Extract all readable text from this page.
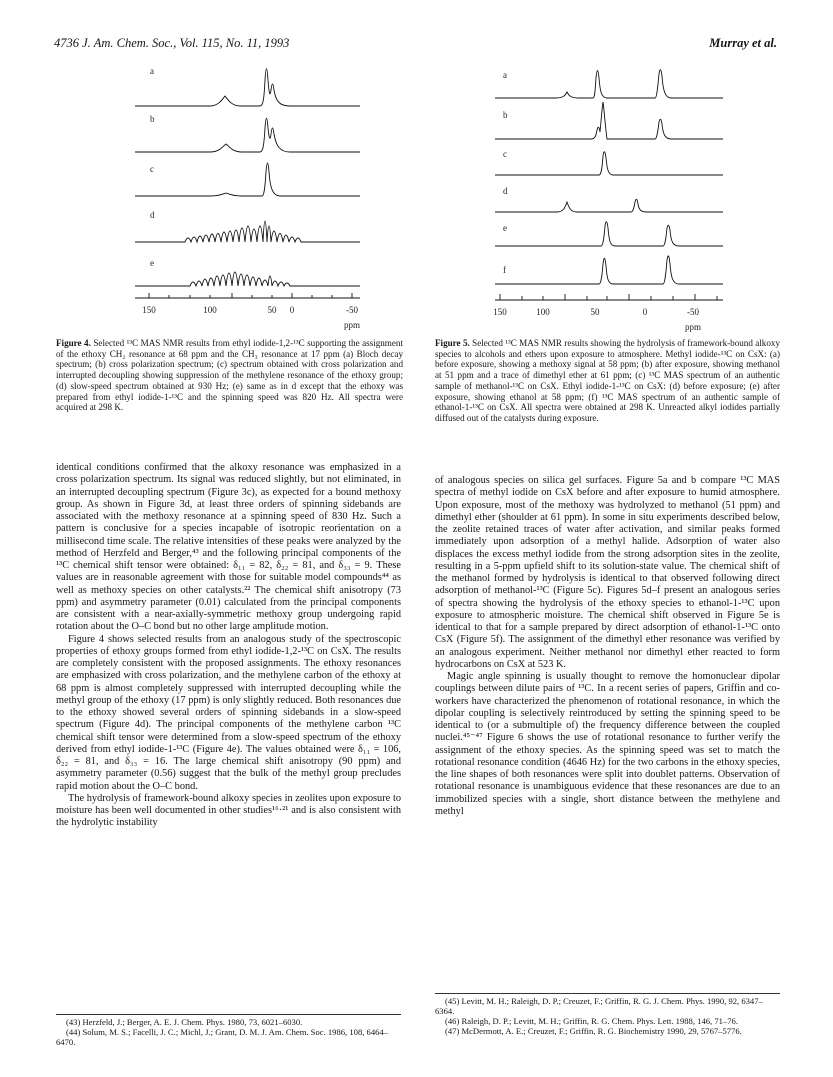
4736 J. Am. Chem. Soc., Vol. 115, No. 11, 1993	Murray et al.
a
b
c
d
e
150	100	50 0	-50
ppm
Figure 4. Selected ¹³C MAS NMR results from ethyl iodide-1,2-¹³C supporting the assignment of the ethoxy CH₂ resonance at 68 ppm and the CH₃ resonance at 17 ppm (a) Bloch decay spectrum; (b) cross polarization spectrum; (c) spectrum obtained with cross polarization and interrupted decoupling showing suppression of the methylene resonance of the ethoxy group; (d) slow-speed spectrum obtained at 930 Hz; (e) same as in d except that the ethoxy was prepared from ethyl iodide-1-¹³C and the spinning speed was 820 Hz. All spectra were acquired at 298 K.
a
b
c
d
e
f
150	100	50	0	-50
ppm
Figure 5. Selected ¹³C MAS NMR results showing the hydrolysis of framework-bound alkoxy species to alcohols and ethers upon exposure to atmosphere. Methyl iodide-¹³C on CsX: (a) before exposure, showing a methoxy signal at 58 ppm; (b) after exposure, showing methanol at 51 ppm and a trace of dimethyl ether at 61 ppm; (c) ¹³C MAS spectrum of an authentic sample of methanol-¹³C on CsX. Ethyl iodide-1-¹³C on CsX: (d) before exposure; (e) after exposure, showing ethanol at 58 ppm; (f) ¹³C MAS spectrum of an authentic sample of ethanol-1-¹³C on CsX. All spectra were obtained at 298 K. Unreacted alkyl iodides partially diffused out of the catalysts during exposure.

identical conditions confirmed that the alkoxy resonance was emphasized in a cross polarization spectrum. Its signal was reduced slightly, but not eliminated, in an interrupted decoupling spectrum (Figure 3c), as expected for a bound methoxy group. As shown in Figure 3d, at least three orders of spinning sidebands are associated with the methoxy resonance at a spinning speed of 830 Hz. Such a pattern is conclusive for a species incapable of isotropic reorientation on a millisecond time scale. The relative intensities of these peaks were analyzed by the method of Herzfeld and Berger,⁴³ and the following principal components of the ¹³C chemical shift tensor were obtained: δ₁₁ = 82, δ₂₂ = 81, and δ₃₃ = 9. These values are in reasonable agreement with those for suitable model compounds⁴⁴ as well as methoxy species on other catalysts.²² The chemical shift anisotropy (73 ppm) and asymmetry parameter (0.01) calculated from the principal components are consistent with a near-axially-symmetric methoxy group undergoing rapid rotation about the O–C bond but no other large amplitude motion.

Figure 4 shows selected results from an analogous study of the spectroscopic properties of ethoxy groups formed from ethyl iodide-1,2-¹³C on CsX. The results are completely consistent with the proposed assignments. The ethoxy resonances are emphasized with cross polarization, and the methylene carbon of the ethoxy at 68 ppm is almost completely suppressed with interrupted decoupling while the methyl group of the ethoxy (17 ppm) is only slightly reduced. Both resonances due to the ethoxy showed several orders of spinning sidebands in a slow-speed spectrum (Figure 4d). The principal components of the methylene carbon ¹³C chemical shift tensor were determined from a slow-speed spectrum of the ethoxy derived from ethyl iodide-1-¹³C (Figure 4e). The values obtained were δ₁₁ = 106, δ₂₂ = 81, and δ₃₃ = 16. The large chemical shift anisotropy (90 ppm) and asymmetry parameter (0.56) suggest that the bulk of the methyl group precludes rapid motion about the O–C bond.

The hydrolysis of framework-bound alkoxy species in zeolites upon exposure to moisture has been well documented in other studies¹⁶·²¹ and is also consistent with the hydrolytic instability

(43) Herzfeld, J.; Berger, A. E. J. Chem. Phys. 1980, 73, 6021–6030.
(44) Solum, M. S.; Facelli, J. C.; Michl, J.; Grant, D. M. J. Am. Chem. Soc. 1986, 108, 6464–6470.

of analogous species on silica gel surfaces. Figure 5a and b compare ¹³C MAS spectra of methyl iodide on CsX before and after exposure to humid atmosphere. Upon exposure, most of the methoxy was hydrolyzed to methanol (51 ppm) and dimethyl ether (shoulder at 61 ppm). In some in situ experiments described below, the zeolite retained traces of water after activation, and similar peaks formed immediately upon adsorption of a methyl halide. Adsorption of water also displaces the excess methyl iodide from the strong adsorption sites in the zeolite, resulting in a 5-ppm upfield shift to its solution-state value. The chemical shift of the methanol formed by hydrolysis is identical to that observed following direct adsorption of methanol-¹³C (Figure 5c). Figures 5d–f present an analogous series of spectra showing the hydrolysis of the ethoxy species to ethanol-1-¹³C upon exposure to atmospheric moisture. The chemical shift observed in Figure 5e is identical to that for a sample prepared by direct adsorption of ethanol-1-¹³C onto CsX (Figure 5f). The assignment of the dimethyl ether resonance was verified by an analogous experiment. Neither methanol nor dimethyl ether reacted to form hydrocarbons on CsX at 523 K.

Magic angle spinning is usually thought to remove the homonuclear dipolar couplings between dilute pairs of ¹³C. In a recent series of papers, Griffin and co-workers have characterized the phenomenon of rotational resonance, in which the dipolar coupling is selectively reintroduced by setting the spinning speed to be identical to (or a submultiple of) the frequency difference between the coupled nuclei.⁴⁵⁻⁴⁷ Figure 6 shows the use of rotational resonance to further verify the assignment of the ethoxy species. As the spinning speed was set to match the rotational resonance condition (4646 Hz) for the two carbons in the ethoxy species, the line shapes of both resonances were split into doublet patterns. Observation of rotational resonance is unambiguous evidence that these resonances are due to an immobilized species with a single, short distance between the methylene and methyl

(45) Levitt, M. H.; Raleigh, D. P.; Creuzet, F.; Griffin, R. G. J. Chem. Phys. 1990, 92, 6347–6364.
(46) Raleigh, D. P.; Levitt, M. H.; Griffin, R. G. Chem. Phys. Lett. 1988, 146, 71–76.
(47) McDermott, A. E.; Creuzet, F.; Griffin, R. G. Biochemistry 1990, 29, 5767–5776.
